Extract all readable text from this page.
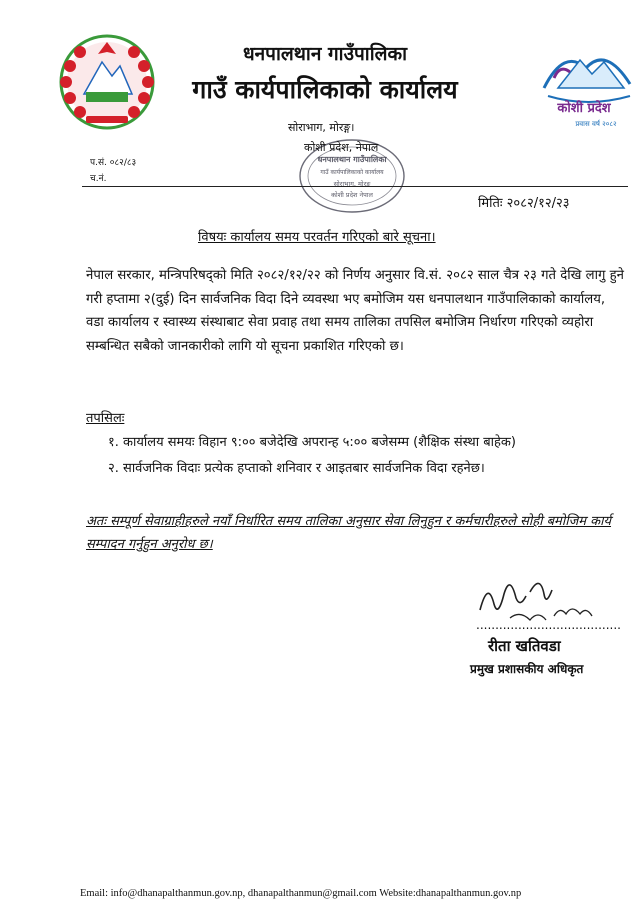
कोशी प्रदेश
प्रवास वर्ष २०८२
धनपालथान गाउँपालिका
गाउँ कार्यपालिकाको कार्यालय
धनपालथान गाउँपालिका
गाउँ कार्यपालिकाको कार्यालय
सोराभाग, मोरङ
कोशी प्रदेश नेपाल
सोराभाग, मोरङ्ग।
कोशी प्रदेश, नेपाल
प.सं. ०८२/८३
च.नं.
मितिः २०८२/१२/२३
विषयः कार्यालय समय परवर्तन गरिएको बारे सूचना।
नेपाल सरकार, मन्त्रिपरिषद्को मिति २०८२/१२/२२ को निर्णय अनुसार वि.सं. २०८२ साल चैत्र २३ गते देखि लागु हुने गरी हप्तामा २(दुई) दिन सार्वजनिक विदा दिने व्यवस्था भए बमोजिम यस धनपालथान गाउँपालिकाको कार्यालय, वडा कार्यालय र स्वास्थ्य संस्थाबाट सेवा प्रवाह तथा समय तालिका तपसिल बमोजिम निर्धारण गरिएको व्यहोरा सम्बन्धित सबैको जानकारीको लागि यो सूचना प्रकाशित गरिएको छ।
तपसिलः
१. कार्यालय समयः विहान ९:०० बजेदेखि अपरान्ह ५:०० बजेसम्म (शैक्षिक संस्था बाहेक)
२. सार्वजनिक विदाः प्रत्येक हप्ताको शनिवार र आइतबार सार्वजनिक विदा रहनेछ।
अतः सम्पूर्ण सेवाग्राहीहरुले नयाँ निर्धारित समय तालिका अनुसार सेवा लिनुहुन र कर्मचारीहरुले सोही बमोजिम कार्य सम्पादन गर्नुहुन अनुरोध छ।
......................................
रीता खतिवडा
प्रमुख प्रशासकीय अधिकृत
Email: info@dhanapalthanmun.gov.np, dhanapalthanmun@gmail.com Website:dhanapalthanmun.gov.np
